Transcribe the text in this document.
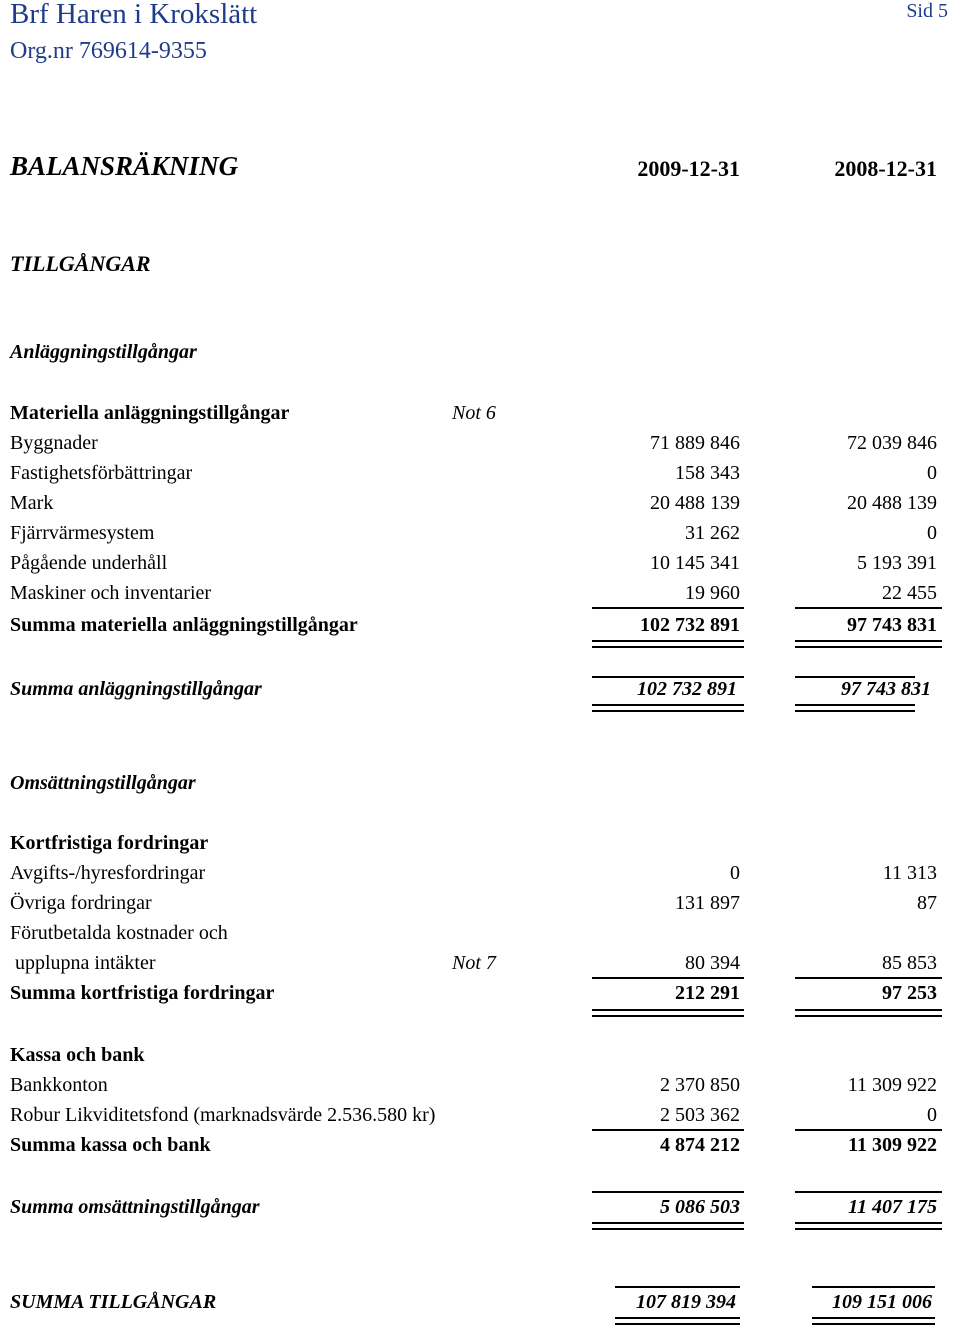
Brf Haren i Krokslätt
Org.nr 769614-9355
Sid 5
BALANSRÄKNING	2009-12-31	2008-12-31
TILLGÅNGAR
Anläggningstillgångar
Materiella anläggningstillgångar	Not 6
Byggnader	71 889 846	72 039 846
Fastighetsförbättringar	158 343	0
Mark	20 488 139	20 488 139
Fjärrvärmesystem	31 262	0
Pågående underhåll	10 145 341	5 193 391
Maskiner och inventarier	19 960	22 455
Summa materiella anläggningstillgångar	102 732 891	97 743 831
Summa anläggningstillgångar	102 732 891	97 743 831
Omsättningstillgångar
Kortfristiga fordringar
Avgifts-/hyresfordringar	0	11 313
Övriga fordringar	131 897	87
Förutbetalda kostnader och
upplupna intäkter	Not 7	80 394	85 853
Summa kortfristiga fordringar	212 291	97 253
Kassa och bank
Bankkonton	2 370 850	11 309 922
Robur Likviditetsfond (marknadsvärde 2.536.580 kr)	2 503 362	0
Summa kassa och bank	4 874 212	11 309 922
Summa omsättningstillgångar	5 086 503	11 407 175
SUMMA TILLGÅNGAR	107 819 394	109 151 006
